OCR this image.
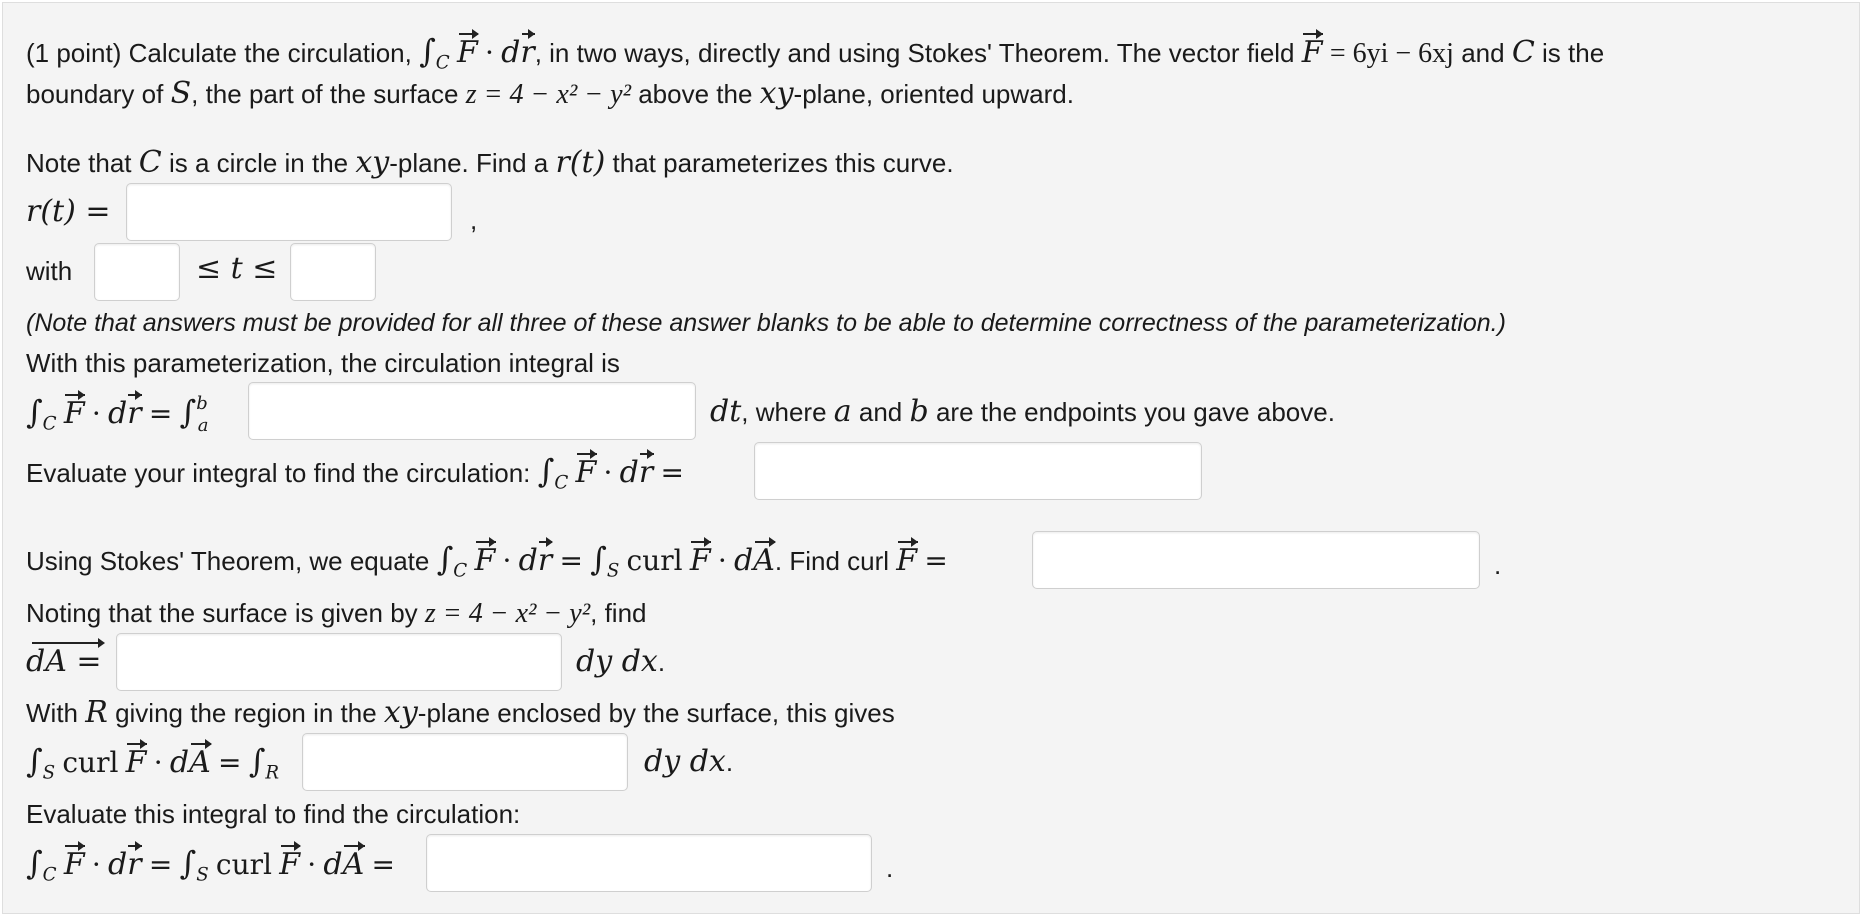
(1 point) Calculate the circulation, $\int_C$ F · dr, in two ways, directly and using Stokes' Theorem. The vector field F = 6yi − 6xj and C is the
boundary of S, the part of the surface z = 4 − x² − y² above the xy-plane, oriented upward.
Note that C is a circle in the xy-plane. Find a r(t) that parameterizes this curve.
r(t) =	,
with	≤ t ≤
(Note that answers must be provided for all three of these answer blanks to be able to determine correctness of the parameterization.)
With this parameterization, the circulation integral is
$\int_C$ F · dr = ∫$^b_a$	dt, where a and b are the endpoints you gave above.
Evaluate your integral to find the circulation: $\int_C$ F · dr =
Using Stokes' Theorem, we equate $\int_C$ F · dr = $\int_S$ curl F · dA. Find curl F =	.
Noting that the surface is given by z = 4 − x² − y², find
dA =	dy dx.
With R giving the region in the xy-plane enclosed by the surface, this gives
$\int_S$ curl F · dA = $\int_R$	dy dx.
Evaluate this integral to find the circulation:
$\int_C$ F · dr = $\int_S$ curl F · dA =	.
